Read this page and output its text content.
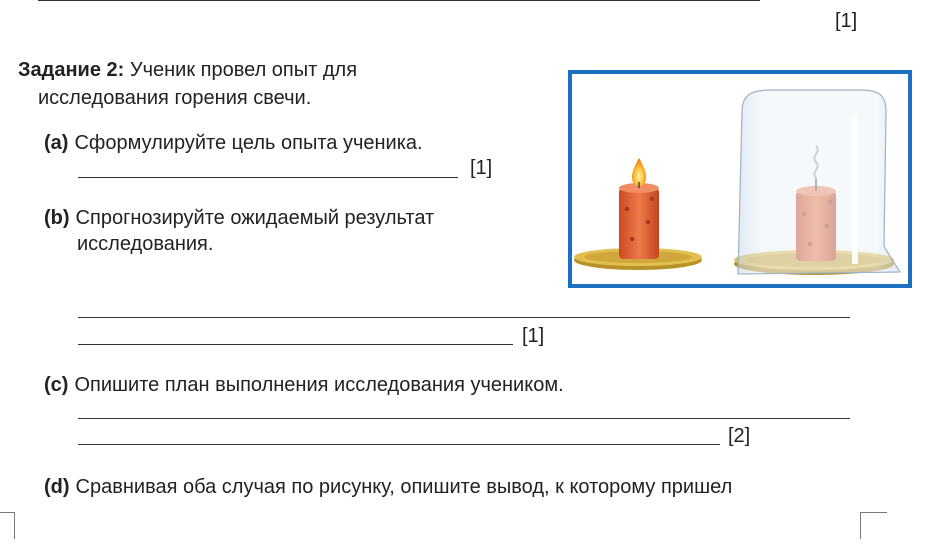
[1]
Задание 2: Ученик провел опыт для
исследования горения свечи.
(a) Сформулируйте цель опыта ученика.
[1]
(b) Спрогнозируйте ожидаемый результат
исследования.
[1]
(c) Опишите план выполнения исследования учеником.
[2]
(d) Сравнивая оба случая по рисунку, опишите вывод, к которому пришел
